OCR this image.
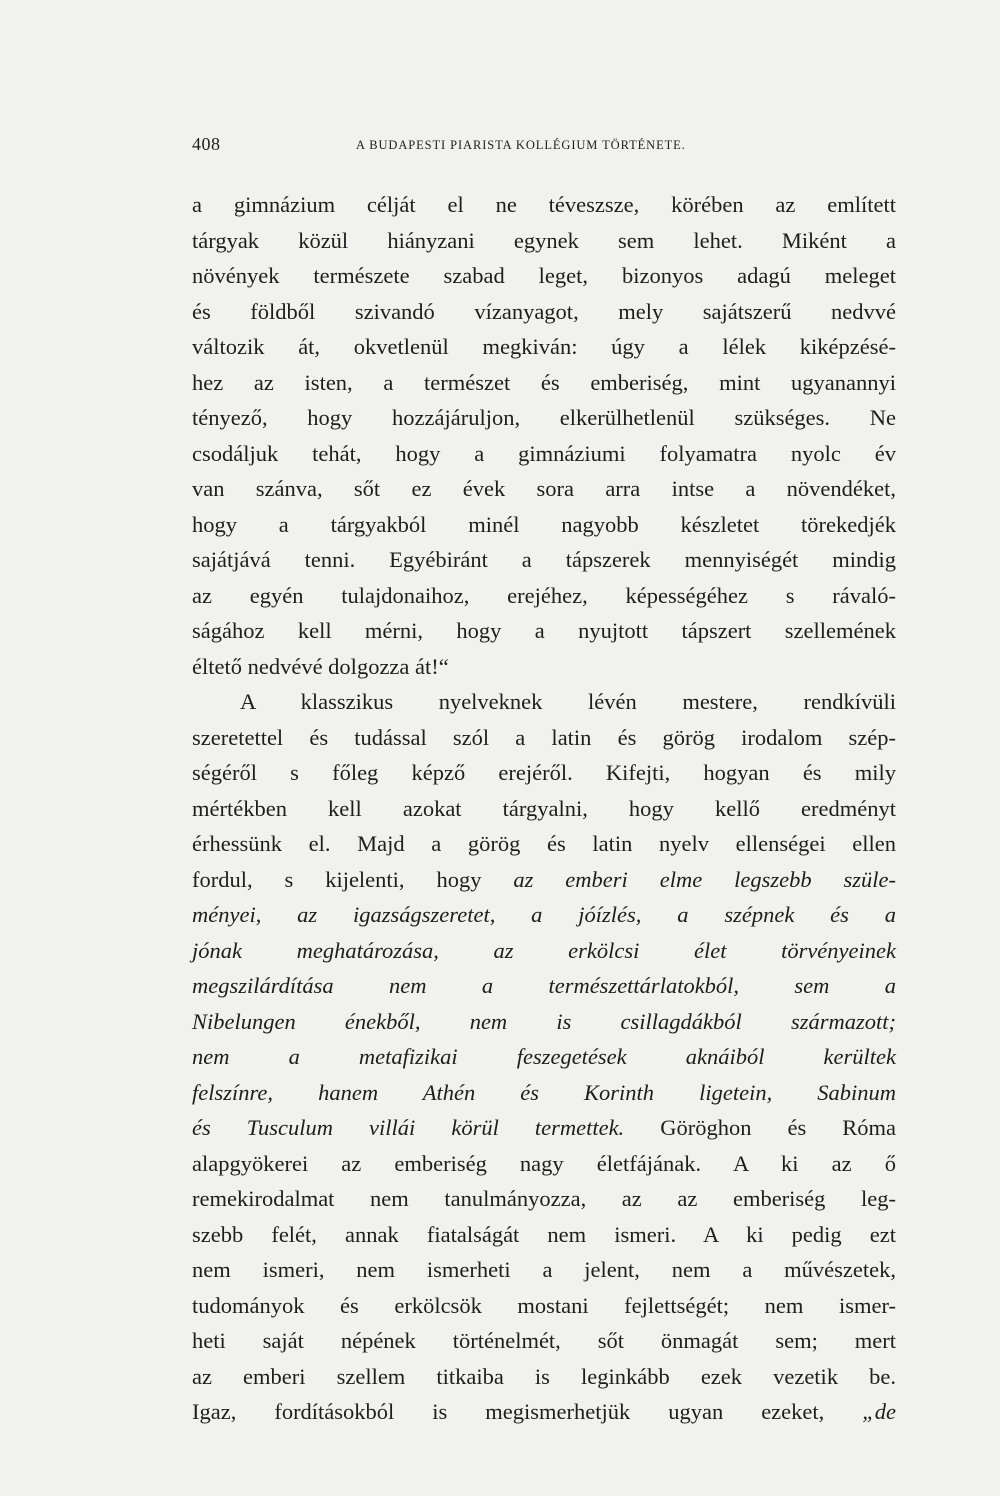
408	A BUDAPESTI PIARISTA KOLLÉGIUM TÖRTÉNETE.
a gimnázium célját el ne téveszsze, körében az említett
tárgyak közül hiányzani egynek sem lehet. Miként a
növények természete szabad leget, bizonyos adagú meleget
és földből szivandó vízanyagot, mely sajátszerű nedvvé
változik át, okvetlenül megkiván: úgy a lélek kiképzésé-
hez az isten, a természet és emberiség, mint ugyanannyi
tényező, hogy hozzájáruljon, elkerülhetlenül szükséges. Ne
csodáljuk tehát, hogy a gimnáziumi folyamatra nyolc év
van szánva, sőt ez évek sora arra intse a növendéket,
hogy a tárgyakból minél nagyobb készletet törekedjék
sajátjává tenni. Egyébiránt a tápszerek mennyiségét mindig
az egyén tulajdonaihoz, erejéhez, képességéhez s rávaló-
ságához kell mérni, hogy a nyujtott tápszert szellemének
éltető nedvévé dolgozza át!“
A klasszikus nyelveknek lévén mestere, rendkívüli
szeretettel és tudással szól a latin és görög irodalom szép-
ségéről s főleg képző erejéről. Kifejti, hogyan és mily
mértékben kell azokat tárgyalni, hogy kellő eredményt
érhessünk el. Majd a görög és latin nyelv ellenségei ellen
fordul, s kijelenti, hogy az emberi elme legszebb szüle-
ményei, az igazságszeretet, a jóízlés, a szépnek és a
jónak meghatározása, az erkölcsi élet törvényeinek
megszilárdítása nem a természettárlatokból, sem a
Nibelungen énekből, nem is csillagdákból származott;
nem a metafizikai feszegetések aknáiból kerültek
felszínre, hanem Athén és Korinth ligetein, Sabinum
és Tusculum villái körül termettek. Göröghon és Róma
alapgyökerei az emberiség nagy életfájának. A ki az ő
remekirodalmat nem tanulmányozza, az az emberiség leg-
szebb felét, annak fiatalságát nem ismeri. A ki pedig ezt
nem ismeri, nem ismerheti a jelent, nem a művészetek,
tudományok és erkölcsök mostani fejlettségét; nem ismer-
heti saját népének történelmét, sőt önmagát sem; mert
az emberi szellem titkaiba is leginkább ezek vezetik be.
Igaz, fordításokból is megismerhetjük ugyan ezeket, „de
